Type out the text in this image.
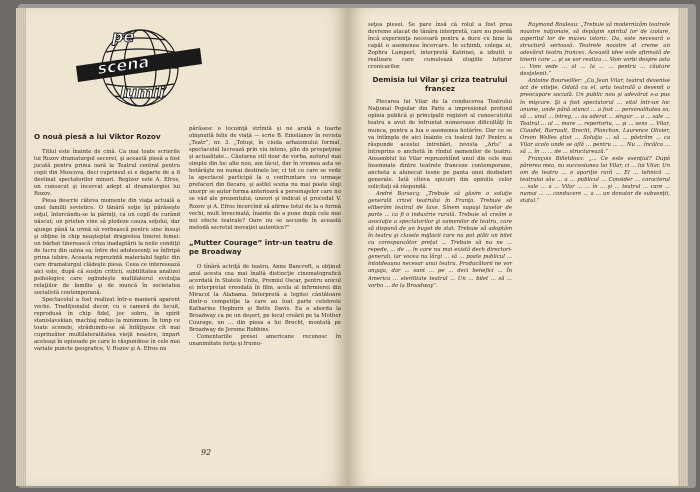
pe
scena
lumii
O nouă piesă a lui Viktor Rozov

Titlul este înainte de cină. Ca mai toate scrierile lui Rozov dramaturgul secerei, şi această piesă a fost jucată pentru prima oară la Teatrul central pentru copii din Moscova, deci cuprinsul ei e departe de a fi destinat spectatorilor minori. Regizor este A. Efros, un cunoscut şi încercat adept al dramaturgiei lui Rozov.

Piesa descrie câteva momente din viaţa actuală a unei familii sovietice. O tânără soţie îşi părăseşte soţul, întorcându-se la părinţi, ca un copil de curând născut; un prieten vine să pledeze cauza soţului, dar ajunge până la urmă să vorbească pentru sine însuşi şi obţine în chip neaşteptat dragostea tinerei femei: un bărbat tinerească criza inadaptării la noile condiţii de lucru din uzina sa; între doi adolescenţi se înfiripă prima iubire. Aceasta reprezintă materialul faptic din care dramaturgul clădeşte piesa. Ceea ce interesează aici este, după că susţin criticii, subtilitatea analizei psihologice care oglindeşte multilaterul evoluţia relaţiilor de familie şi de muncă în societatea socialistă contemporană.

Spectacolul a fost realizat într-o manieră aparent veche. Tradiţionalul decor, cu o cameră de locuit, reprodusă în chip fidel, joc sobru, în spirit stanislavskian, machiaj redus la minimum. În timp ce toate scenele, străduindu-se să înfăţişeze cît mai cuprinzător multilateralitatea vieţii noastre, impart aceleaşi în episoade pe care le răspundese în cele mai variate puncte geografice, V. Rozov şi A. Efros nu

părăsesc o locuinţă strîmtă şi ne arată o toarte obişnuită felie de viaţă — scrie B. Emelianov în revista „Teatr”, nr. 3. „Totuşi, în ciuda arhaismului formal, spectacolul lucrează prin viu intens, plin de prospeţime şi actualitate... Căutarea stil doar de vorba, autorul mai simplu din loc alte nou, am tăcut, dar în vremea asta se hotărăşte nu numai destinele lor, ci tot ce care se vede la spectacol participă la o confruntare cu urmaşe prefaceri din fiecare, şi astfel scena nu mai poate sluji unorpr se autor forma anterioară a personajelor care nu se văd ale prezentului, uneori şi indicat şi procedat V. Rozov şi A. Efros încercînd să afirme totul de la o formă vechi, mult învecinată, înainte de a pune după cele mai noi efecte teatrale? Oare nu se ascunde în această metodă secretul inovaţiei autentice?”

„Mutter Courage” într-un teatru de pe Broadway

O tînără actriţă de teatru, Anne Bancroft, a obţinut anul acesta cea mai înaltă distincţie cinematografică acordată în Statele Unite, Premiul Oscar, pentru unicul ei interpretat vreodată în film, acela al infirmierei din Miracol la Alabama. Interpretă a legitei cântătoare dintr-o competiţie la care au luat parte celebrele Katharine Hepburn şi Bette Davis. Ea a aborda la Broadway ca pe un deşert, pe locul creării pe ta Mother Courage, un ... din piesa a lui Brecht, montată pe Broadway de Jerome Robbins.

Comentariile presei americane recunosc în unanimitate forţa şi frumu-

92

seţea piesei. Se pare însă că rolul a fost prea devreme atacat de tânăra interpretă, care nu posedă încă experienţa necesară pentru a duce cu bine la capăt o asemenea încercare. În schimb, colega ei, Zophra Lampert, interpretă Katrinei, a izbutit o realizare care cumulează elogiile tuturor cronicarilor.

Demisia lui Vilar şi criza teatrului francez

Plecarea lui Vilar de la conducerea Teatrului Naţional Popular din Paris a impresionat profund opinia publică şi principalii regizori al cunoscutului teatru a avut de înfruntat numeroase dificultăţi în munca, pentru a lua o asemenea hotărîre. Dar ce se va întîmpla de aici înainte cu teatrul lui? Pentru a răspunde acestei întrebări, revista „Arts” a întreprins o anchetă în rîndul oamenilor de teatru. Ansamblul lui Vilar reprezentînd unul din cele mai însemnate dintre teatrele franceze contemporane, ancheta a alunecat lesne pe panta unei dezbateri generale. Iată cîteva spicuiri din opiniile celor solicitaţi să răspundă.

André Barsacq: „Trebuie să găsim o soluţie generală crizei teatrului în Franţa. Trebuie să eliberăm teatrul de taxe. Sînem supuşi taxelor de parte ... ca fi o industrie rurală. Trebuie să creăm o asociaţie a spectatorilor şi oamenilor de teatru, care să dispună de un buget de stat. Trebuie să adoptăm în teatru şi clasele mijlocii care nu pot plăti un bilet cu corespunzător preţul ... Trebuie să nu ne ... repede, ... de ... în care nu mai există dech directori-generali, iar vocea nu lărgi ... să ... poate publicul ... întotdeauna necesar unui teatru. Producătorii ne vor angaja, dar ... sunt ... pe ... deci benefici ... În America ... sterilitate teatrul ... Un ... bilet ... să ... vorba ... de la Broadway”.

Raymond Rouleau: „Trebuie să modernizăm teatrele noastre naţionale, să depăşim spiritul lor de izolare, asperitul lor de muzeu istoric. Da, este necesară o structură serioasă. Teatrele noastre al creme un adevărat teatru francez. Această idee este afirmată de tinerii care ... şi se vor realiza ... Vom vorbi despre asta ... Vom vede ... al ... la ... ... pentru ... căutare desţelenit.”

Antoine Bourseiller: „Cu Jean Vilar, teatrul devenise act de viteţie. Odată cu el, arta teatrală a devenit o preocupare socială. Un public nou şi adevărat s-a pus în mişcare. Şi a fost spectatorul ... vital într-un loc anume, unde până atunci ... a fost ... personalitatea sa, să ... unul ... întreg, ... au aderat ... singur ... a ... sale ... Teatrul ... al ... mare ... repertoriu, ... şi ... sens ... Vilar, Claudel, Barrault, Brecht, Planchon, Laurence Olivier, Orson Welles ştiut ... Soluţia ... să ... păstrăm ... ca Vilar acolo unde se află ... pentru ... ... Nu ... încălca ... să ... în ... ... de ... structurează.”

François Billetdoux: „... Ce este esenţial? După părerea mea, nu succesiunea lui Vilar, ci ... lui Vilar. Un om de teatru ... o apariţie rară ... El ... tehnică ... teatrului său ... a ... publicul ... Consider ... caracterul ... sale ... a ... Vilar ... ... în ... şi ... teatrul ... care ... numai ... ... conducere ... a ... un donator de subvenţii, statul.”
